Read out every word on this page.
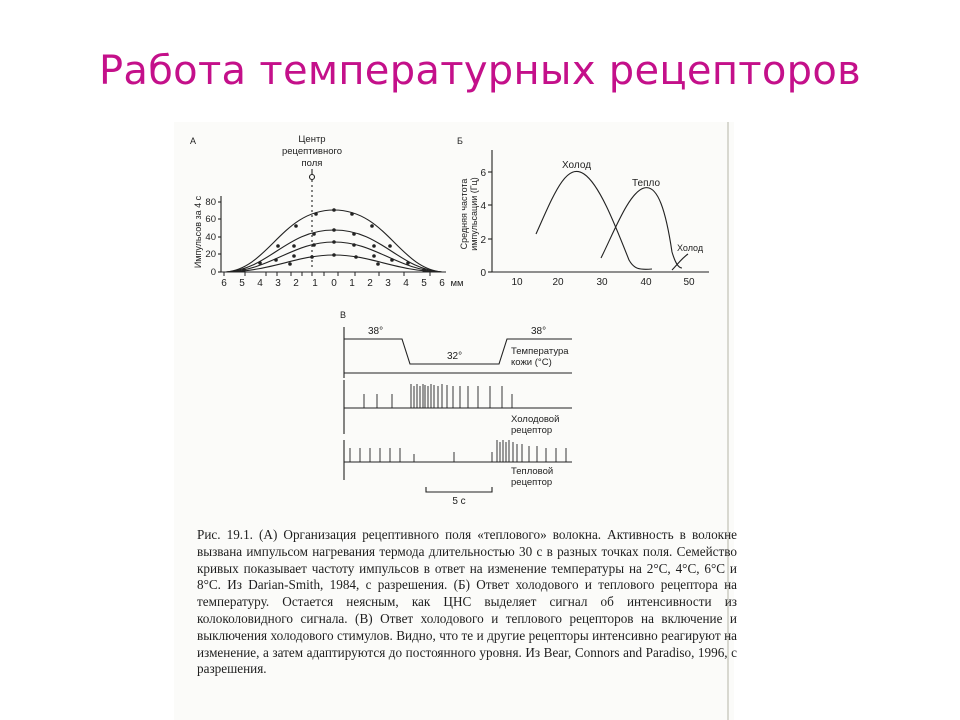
Работа температурных рецепторов
А	Центр
рецептивного
поля
Импульсов за 4 с 80
60
40
20
0
6 5 4 3 2 1 0 1 2 3 4 5 6 мм
Б
Средняя частота импульсации (Гц)
6
4
2
0
10	20	30	40	50
Холод
Тепло
Холод
В
38°
32°
38°
Температура
кожи (°С)
Холодовой
рецептор
Тепловой
рецептор
5 с

Рис. 19.1. (А) Организация рецептивного поля «теплового» волокна. Активность в волокне вызвана импульсом нагревания термода длительностью 30 с в разных точках поля. Семейство кривых показывает частоту импульсов в ответ на изменение температуры на 2°С, 4°С, 6°С и 8°С. Из Darian-Smith, 1984, с разрешения. (Б) Ответ холодового и теплового рецептора на температуру. Остается неясным, как ЦНС выделяет сигнал об интенсивности из колоколовидного сигнала. (В) Ответ холодового и теплового рецепторов на включение и выключения холодового стимулов. Видно, что те и другие рецепторы интенсивно реагируют на изменение, а затем адаптируются до постоянного уровня. Из Bear, Connors and Paradiso, 1996, с разрешения.
